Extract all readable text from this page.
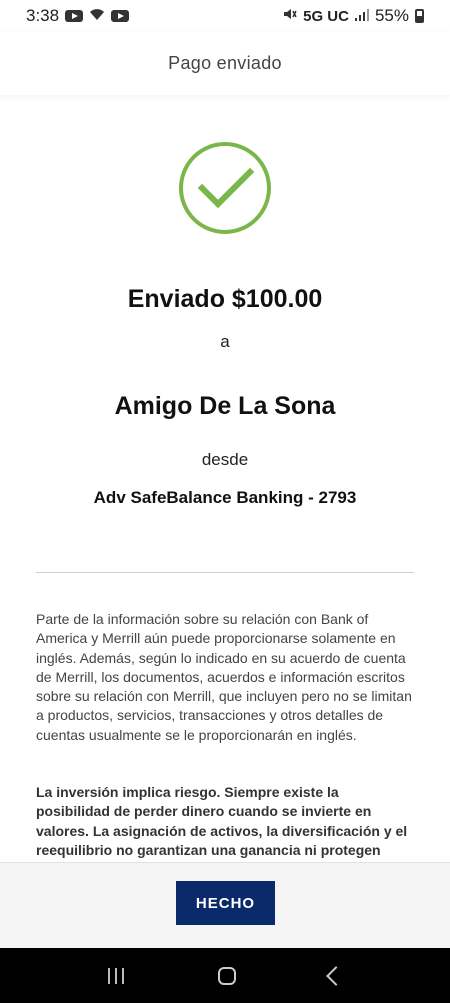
3:38	5G UC 55%
Pago enviado
Enviado $100.00
a
Amigo De La Sona
desde
Adv SafeBalance Banking - 2793

Parte de la información sobre su relación con Bank of America y Merrill aún puede proporcionarse solamente en inglés. Además, según lo indicado en su acuerdo de cuenta de Merrill, los documentos, acuerdos e información escritos sobre su relación con Merrill, que incluyen pero no se limitan a productos, servicios, transacciones y otros detalles de cuentas usualmente se le proporcionarán en inglés.

La inversión implica riesgo. Siempre existe la posibilidad de perder dinero cuando se invierte en valores. La asignación de activos, la diversificación y el reequilibrio no garantizan una ganancia ni protegen

HECHO
